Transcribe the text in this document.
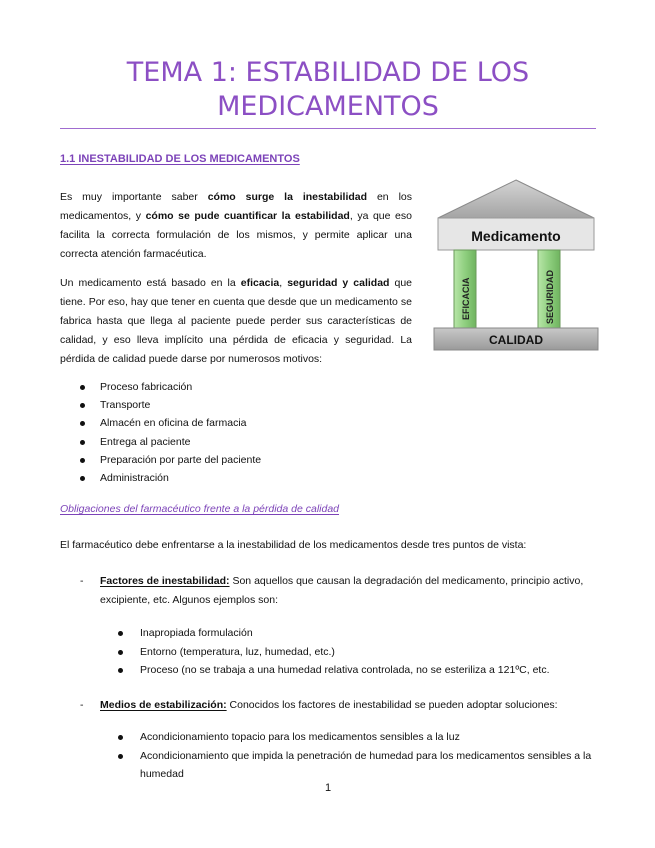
TEMA 1: ESTABILIDAD DE LOS
MEDICAMENTOS
1.1 INESTABILIDAD DE LOS MEDICAMENTOS
Es muy importante saber cómo surge la inestabilidad en los medicamentos, y cómo se pude cuantificar la estabilidad, ya que eso facilita la correcta formulación de los mismos, y permite aplicar una correcta atención farmacéutica.
Un medicamento está basado en la eficacia, seguridad y calidad que tiene. Por eso, hay que tener en cuenta que desde que un medicamento se fabrica hasta que llega al paciente puede perder sus características de calidad, y eso lleva implícito una pérdida de eficacia y seguridad. La pérdida de calidad puede darse por numerosos motivos:
Medicamento
EFICACIA	SEGURIDAD
CALIDAD
Proceso fabricación
Transporte
Almacén en oficina de farmacia
Entrega al paciente
Preparación por parte del paciente
Administración
Obligaciones del farmacéutico frente a la pérdida de calidad
El farmacéutico debe enfrentarse a la inestabilidad de los medicamentos desde tres puntos de vista:
- Factores de inestabilidad: Son aquellos que causan la degradación del medicamento, principio activo, excipiente, etc. Algunos ejemplos son:
Inapropiada formulación
Entorno (temperatura, luz, humedad, etc.)
Proceso (no se trabaja a una humedad relativa controlada, no se esteriliza a 121ºC, etc.
- Medios de estabilización: Conocidos los factores de inestabilidad se pueden adoptar soluciones:
Acondicionamiento topacio para los medicamentos sensibles a la luz
Acondicionamiento que impida la penetración de humedad para los medicamentos sensibles a la humedad
1
